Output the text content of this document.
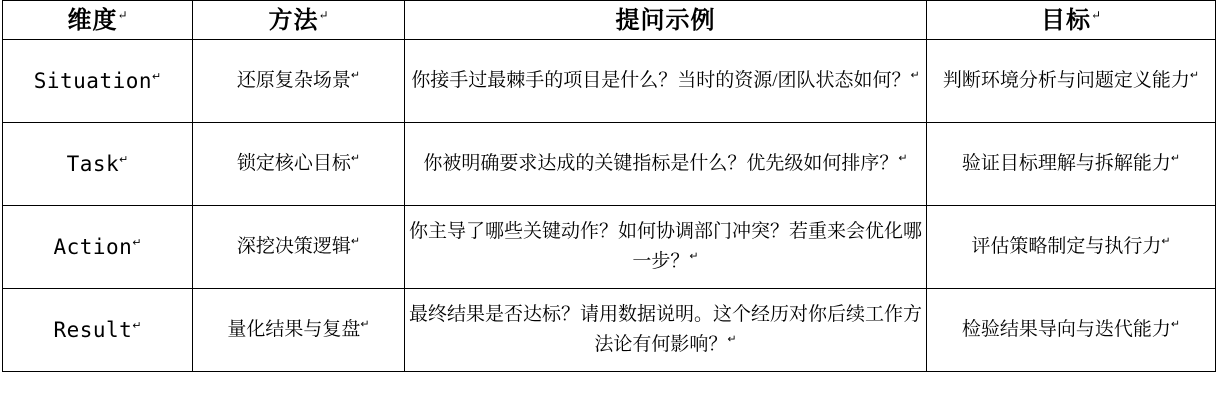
维度↵	方法↵	提问示例	目标↵
Situation↵	还原复杂场景↵	你接手过最棘手的项目是什么？当时的资源/团队状态如何？↵	判断环境分析与问题定义能力↵
Task↵	锁定核心目标↵	你被明确要求达成的关键指标是什么？优先级如何排序？↵	验证目标理解与拆解能力↵
Action↵	深挖决策逻辑↵	你主导了哪些关键动作？如何协调部门冲突？若重来会优化哪一步？↵	评估策略制定与执行力↵
Result↵	量化结果与复盘↵	最终结果是否达标？请用数据说明。这个经历对你后续工作方法论有何影响？↵	检验结果导向与迭代能力↵
